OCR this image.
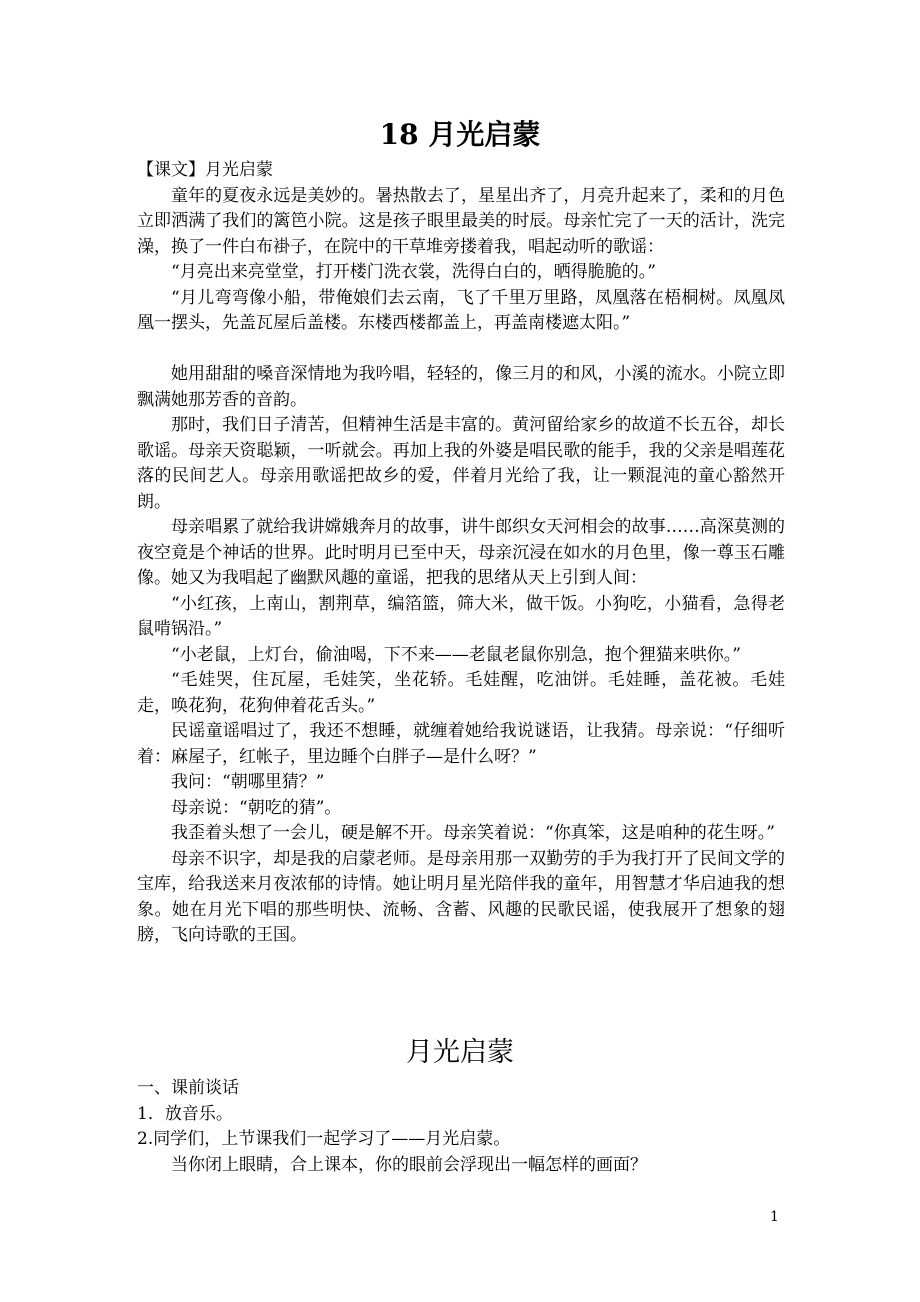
18 月光启蒙

【课文】月光启蒙

童年的夏夜永远是美妙的。暑热散去了，星星出齐了，月亮升起来了，柔和的月色立即洒满了我们的篱笆小院。这是孩子眼里最美的时辰。母亲忙完了一天的活计，洗完澡，换了一件白布褂子，在院中的干草堆旁搂着我，唱起动听的歌谣：

“月亮出来亮堂堂，打开楼门洗衣裳，洗得白白的，晒得脆脆的。”

“月儿弯弯像小船，带俺娘们去云南，飞了千里万里路，凤凰落在梧桐树。凤凰凤凰一摆头，先盖瓦屋后盖楼。东楼西楼都盖上，再盖南楼遮太阳。”

她用甜甜的嗓音深情地为我吟唱，轻轻的，像三月的和风，小溪的流水。小院立即飘满她那芳香的音韵。

那时，我们日子清苦，但精神生活是丰富的。黄河留给家乡的故道不长五谷，却长歌谣。母亲天资聪颖，一听就会。再加上我的外婆是唱民歌的能手，我的父亲是唱莲花落的民间艺人。母亲用歌谣把故乡的爱，伴着月光给了我，让一颗混沌的童心豁然开朗。

母亲唱累了就给我讲嫦娥奔月的故事，讲牛郎织女天河相会的故事……高深莫测的夜空竟是个神话的世界。此时明月已至中天，母亲沉浸在如水的月色里，像一尊玉石雕像。她又为我唱起了幽默风趣的童谣，把我的思绪从天上引到人间：

“小红孩，上南山，割荆草，编箔篮，筛大米，做干饭。小狗吃，小猫看，急得老鼠啃锅沿。”

“小老鼠，上灯台，偷油喝，下不来——老鼠老鼠你别急，抱个狸猫来哄你。”

“毛娃哭，住瓦屋，毛娃笑，坐花轿。毛娃醒，吃油饼。毛娃睡，盖花被。毛娃走，唤花狗，花狗伸着花舌头。”

民谣童谣唱过了，我还不想睡，就缠着她给我说谜语，让我猜。母亲说：“仔细听着：麻屋子，红帐子，里边睡个白胖子—是什么呀？”

我问：“朝哪里猜？”

母亲说：“朝吃的猜”。

我歪着头想了一会儿，硬是解不开。母亲笑着说：“你真笨，这是咱种的花生呀。”

母亲不识字，却是我的启蒙老师。是母亲用那一双勤劳的手为我打开了民间文学的宝库，给我送来月夜浓郁的诗情。她让明月星光陪伴我的童年，用智慧才华启迪我的想象。她在月光下唱的那些明快、流畅、含蓄、风趣的民歌民谣，使我展开了想象的翅膀，飞向诗歌的王国。

月光启蒙

一、课前谈话

1．放音乐。

2.同学们，上节课我们一起学习了——月光启蒙。

当你闭上眼睛，合上课本，你的眼前会浮现出一幅怎样的画面？

1
